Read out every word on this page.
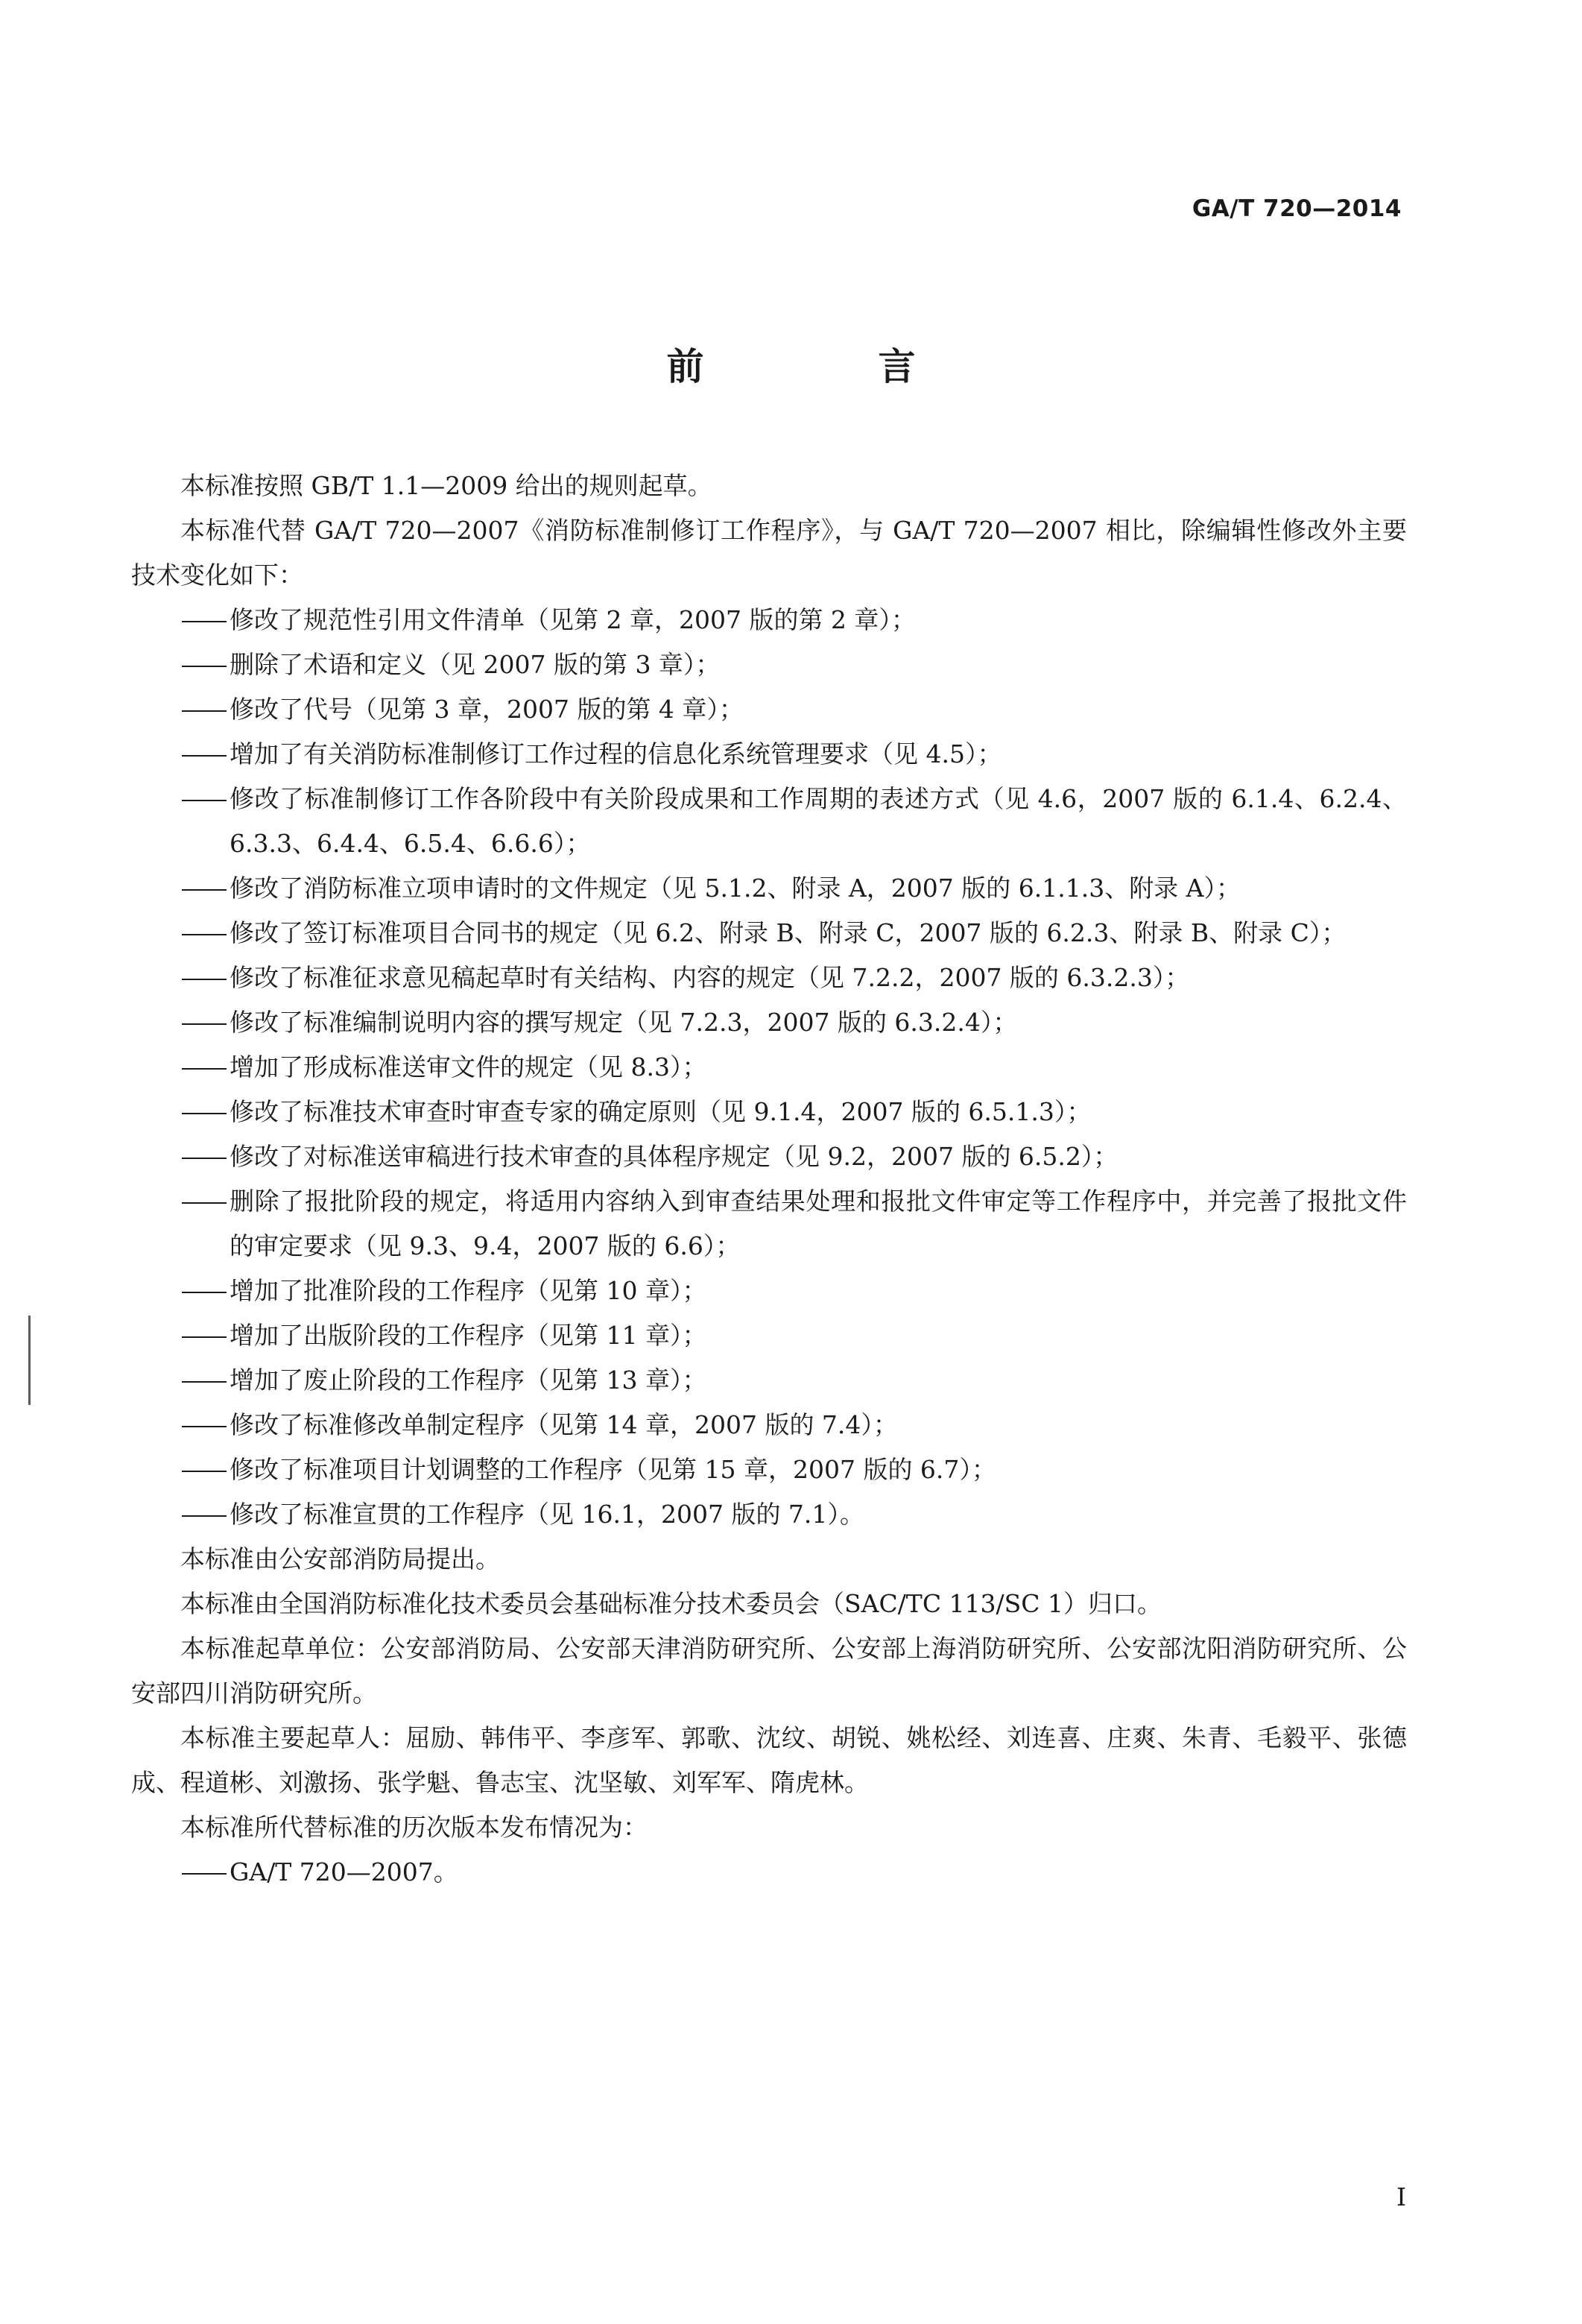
GA/T 720—2014
前　言

本标准按照 GB/T 1.1—2009 给出的规则起草。

本标准代替 GA/T 720—2007《消防标准制修订工作程序》，与 GA/T 720—2007 相比，除编辑性修改外主要技术变化如下：

修改了规范性引用文件清单（见第 2 章，2007 版的第 2 章）；
删除了术语和定义（见 2007 版的第 3 章）；
修改了代号（见第 3 章，2007 版的第 4 章）；
增加了有关消防标准制修订工作过程的信息化系统管理要求（见 4.5）；
修改了标准制修订工作各阶段中有关阶段成果和工作周期的表述方式（见 4.6，2007 版的 6.1.4、6.2.4、6.3.3、6.4.4、6.5.4、6.6.6）；
修改了消防标准立项申请时的文件规定（见 5.1.2、附录 A，2007 版的 6.1.1.3、附录 A）；
修改了签订标准项目合同书的规定（见 6.2、附录 B、附录 C，2007 版的 6.2.3、附录 B、附录 C）；
修改了标准征求意见稿起草时有关结构、内容的规定（见 7.2.2，2007 版的 6.3.2.3）；
修改了标准编制说明内容的撰写规定（见 7.2.3，2007 版的 6.3.2.4）；
增加了形成标准送审文件的规定（见 8.3）；
修改了标准技术审查时审查专家的确定原则（见 9.1.4，2007 版的 6.5.1.3）；
修改了对标准送审稿进行技术审查的具体程序规定（见 9.2，2007 版的 6.5.2）；
删除了报批阶段的规定，将适用内容纳入到审查结果处理和报批文件审定等工作程序中，并完善了报批文件的审定要求（见 9.3、9.4，2007 版的 6.6）；
增加了批准阶段的工作程序（见第 10 章）；
增加了出版阶段的工作程序（见第 11 章）；
增加了废止阶段的工作程序（见第 13 章）；
修改了标准修改单制定程序（见第 14 章，2007 版的 7.4）；
修改了标准项目计划调整的工作程序（见第 15 章，2007 版的 6.7）；
修改了标准宣贯的工作程序（见 16.1，2007 版的 7.1）。

本标准由公安部消防局提出。

本标准由全国消防标准化技术委员会基础标准分技术委员会（SAC/TC 113/SC 1）归口。

本标准起草单位：公安部消防局、公安部天津消防研究所、公安部上海消防研究所、公安部沈阳消防研究所、公安部四川消防研究所。

本标准主要起草人：屈励、韩伟平、李彦军、郭歌、沈纹、胡锐、姚松经、刘连喜、庄爽、朱青、毛毅平、张德成、程道彬、刘激扬、张学魁、鲁志宝、沈坚敏、刘军军、隋虎林。

本标准所代替标准的历次版本发布情况为：

GA/T 720—2007。
I
